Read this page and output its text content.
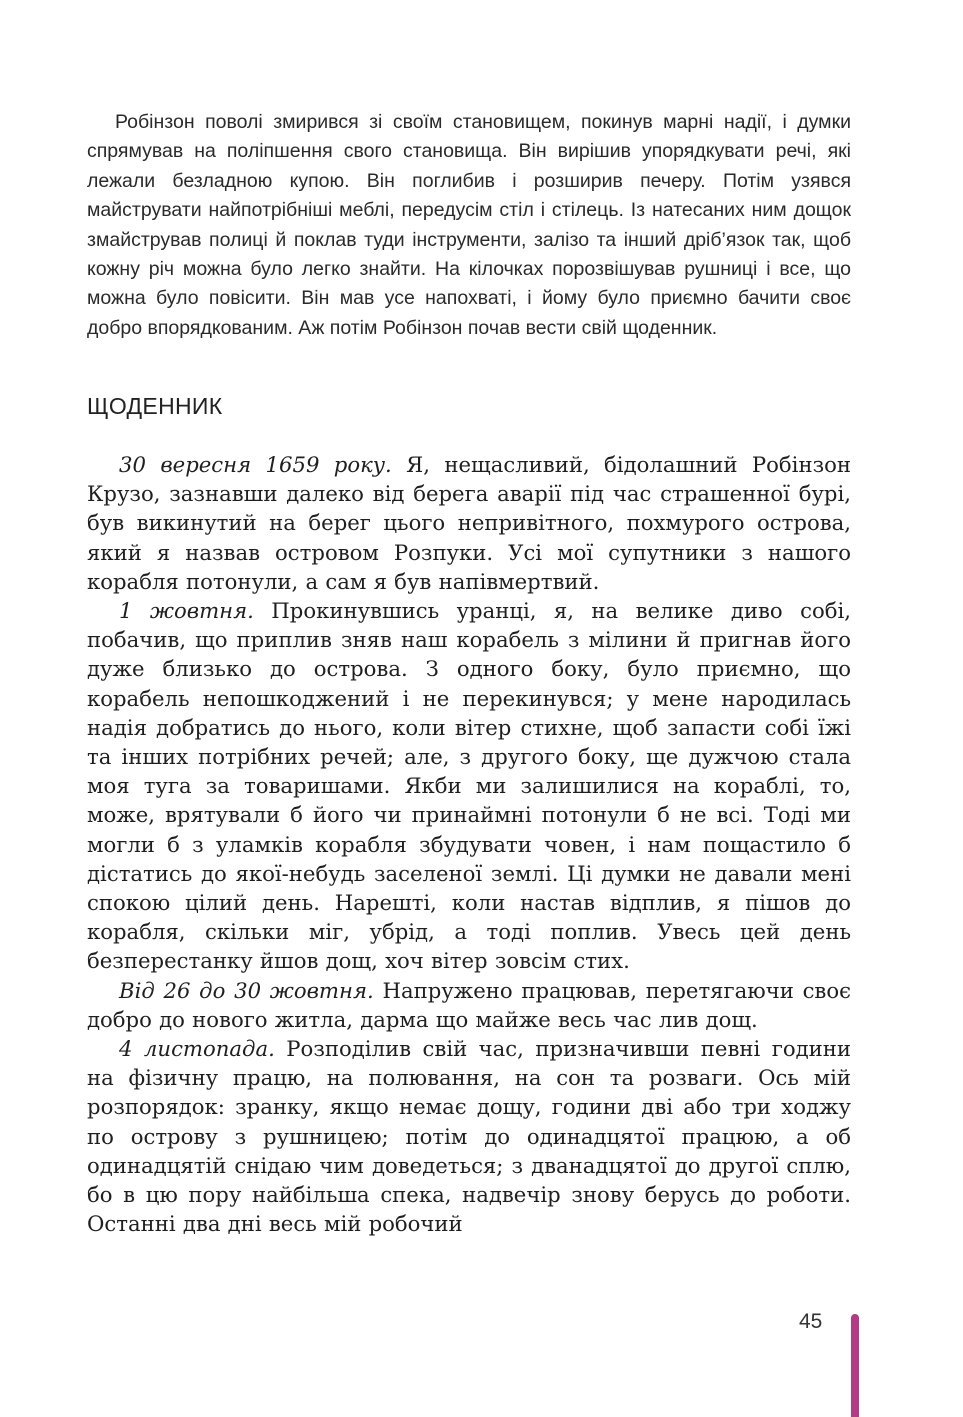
Робінзон поволі змирився зі своїм становищем, покинув марні надії, і думки спрямував на поліпшення свого становища. Він вирішив упорядкувати речі, які лежали безладною купою. Він поглибив і розширив печеру. Потім узявся майструвати найпотрібніші меблі, передусім стіл і стілець. Із натесаних ним дощок змайстрував полиці й поклав туди інструменти, залізо та інший дріб’язок так, щоб кожну річ можна було легко знайти. На кілочках порозвішував рушниці і все, що можна було повісити. Він мав усе напохваті, і йому було приємно бачити своє добро впорядкованим. Аж потім Робінзон почав вести свій щоденник.

ЩОДЕННИК

30 вересня 1659 року. Я, нещасливий, бідолашний Робінзон Крузо, зазнавши далеко від берега аварії під час страшенної бурі, був викинутий на берег цього непривітного, похмурого острова, який я назвав островом Розпуки. Усі мої супутники з нашого корабля потонули, а сам я був напівмертвий.

1 жовтня. Прокинувшись уранці, я, на велике диво собі, побачив, що приплив зняв наш корабель з мілини й пригнав його дуже близько до острова. З одного боку, було приємно, що корабель непошкоджений і не перекинувся; у мене народилась надія добратись до нього, коли вітер стихне, щоб запасти собі їжі та інших потрібних речей; але, з другого боку, ще дужчою стала моя туга за товаришами. Якби ми залишилися на кораблі, то, може, врятували б його чи принаймні потонули б не всі. Тоді ми могли б з уламків корабля збудувати човен, і нам пощастило б дістатись до якої-небудь заселеної землі. Ці думки не давали мені спокою цілий день. Нарешті, коли настав відплив, я пішов до корабля, скільки міг, убрід, а тоді поплив. Увесь цей день безперестанку йшов дощ, хоч вітер зовсім стих.

Від 26 до 30 жовтня. Напружено працював, перетягаючи своє добро до нового житла, дарма що майже весь час лив дощ.

4 листопада. Розподілив свій час, призначивши певні години на фізичну працю, на полювання, на сон та розваги. Ось мій розпорядок: зранку, якщо немає дощу, години дві або три ходжу по острову з рушницею; потім до одинадцятої працюю, а об одинадцятій снідаю чим доведеться; з дванадцятої до другої сплю, бо в цю пору найбільша спека, надвечір знову берусь до роботи. Останні два дні весь мій робочий

45
